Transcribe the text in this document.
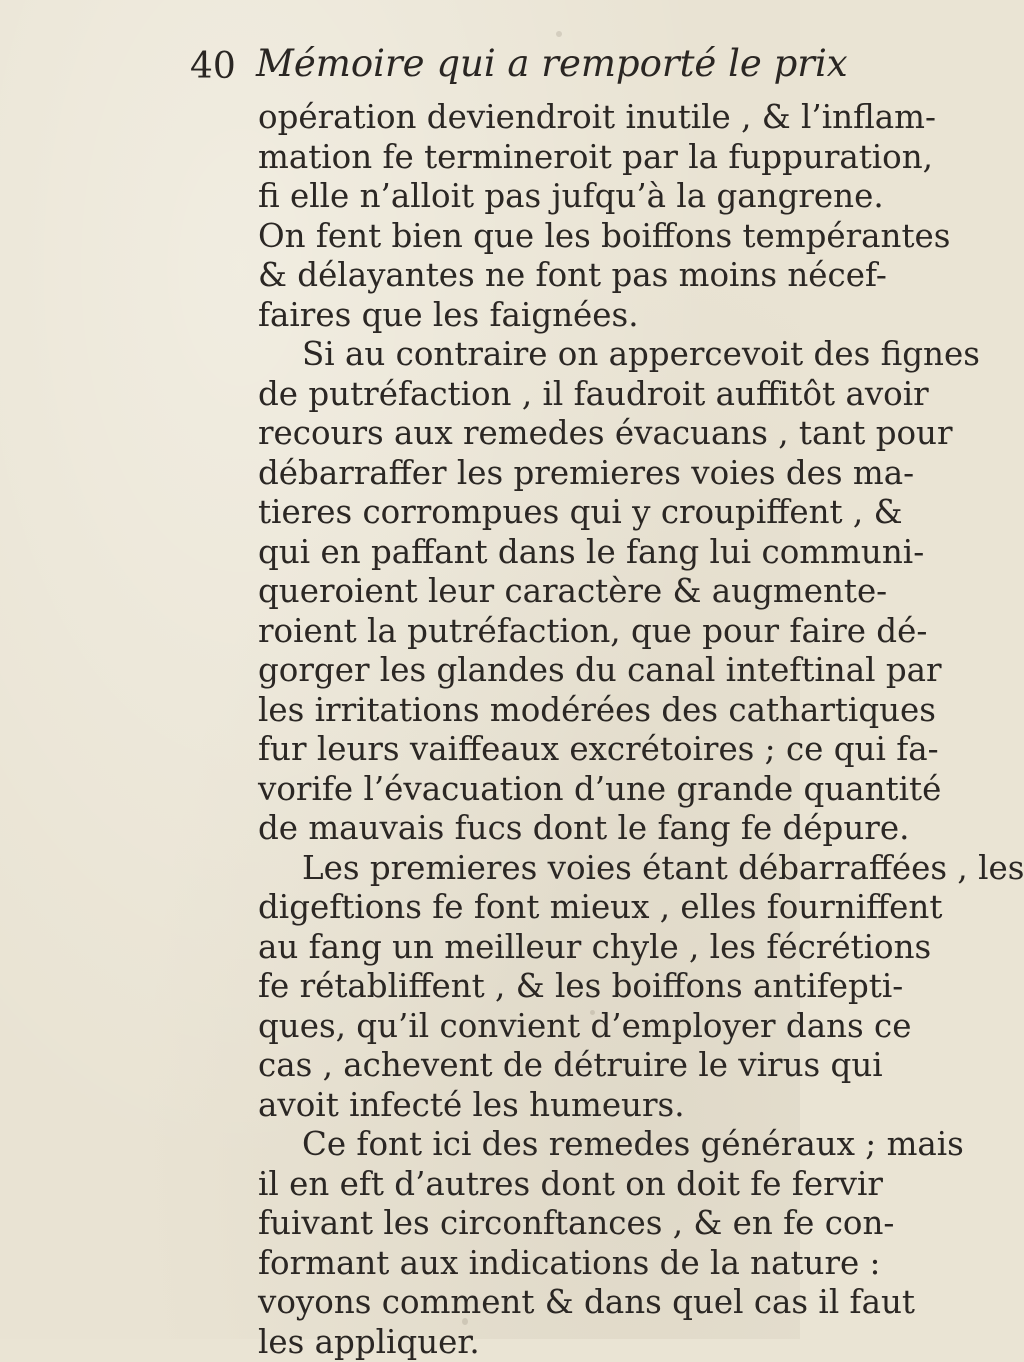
40 Mémoire qui a remporté le prix
opération deviendroit inutile , & l’inflam-
mation fe termineroit par la fuppuration,
fi elle n’alloit pas jufqu’à la gangrene.
On fent bien que les boiffons tempérantes
& délayantes ne font pas moins nécef-
faires que les faignées.
Si au contraire on appercevoit des fignes
de putréfaction , il faudroit auffitôt avoir
recours aux remedes évacuans , tant pour
débarraffer les premieres voies des ma-
tieres corrompues qui y croupiffent , &
qui en paffant dans le fang lui communi-
queroient leur caractère & augmente-
roient la putréfaction, que pour faire dé-
gorger les glandes du canal inteftinal par
les irritations modérées des cathartiques
fur leurs vaiffeaux excrétoires ; ce qui fa-
vorife l’évacuation d’une grande quantité
de mauvais fucs dont le fang fe dépure.
Les premieres voies étant débarraffées , les
digeftions fe font mieux , elles fourniffent
au fang un meilleur chyle , les fécrétions
fe rétabliffent , & les boiffons antifepti-
ques, qu’il convient d’employer dans ce
cas , achevent de détruire le virus qui
avoit infecté les humeurs.
Ce font ici des remedes généraux ; mais
il en eft d’autres dont on doit fe fervir
fuivant les circonftances , & en fe con-
formant aux indications de la nature :
voyons comment & dans quel cas il faut
les appliquer.
